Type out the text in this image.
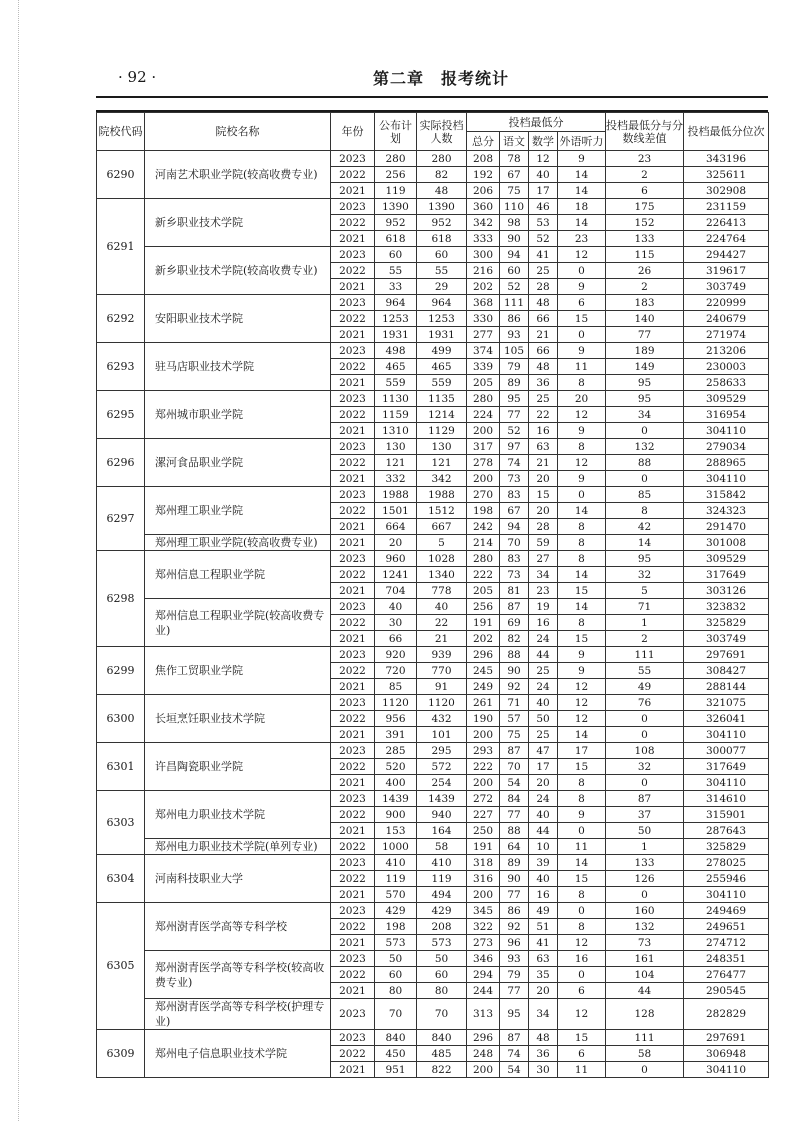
· 92 ·	第二章　报考统计
院校代码	院校名称	年份	公布计划	实际投档人数	投档最低分				投档最低分与分数线差值	投档最低分位次
					总分	语文	数学	外语听力		
6290	河南艺术职业学院(较高收费专业)	2023	280	280	208	78	12	9	23	343196
		2022	256	82	192	67	40	14	2	325611
		2021	119	48	206	75	17	14	6	302908
6291	新乡职业技术学院	2023	1390	1390	360	110	46	18	175	231159
		2022	952	952	342	98	53	14	152	226413
		2021	618	618	333	90	52	23	133	224764
	新乡职业技术学院(较高收费专业)	2023	60	60	300	94	41	12	115	294427
		2022	55	55	216	60	25	0	26	319617
		2021	33	29	202	52	28	9	2	303749
6292	安阳职业技术学院	2023	964	964	368	111	48	6	183	220999
		2022	1253	1253	330	86	66	15	140	240679
		2021	1931	1931	277	93	21	0	77	271974
6293	驻马店职业技术学院	2023	498	499	374	105	66	9	189	213206
		2022	465	465	339	79	48	11	149	230003
		2021	559	559	205	89	36	8	95	258633
6295	郑州城市职业学院	2023	1130	1135	280	95	25	20	95	309529
		2022	1159	1214	224	77	22	12	34	316954
		2021	1310	1129	200	52	16	9	0	304110
6296	漯河食品职业学院	2023	130	130	317	97	63	8	132	279034
		2022	121	121	278	74	21	12	88	288965
		2021	332	342	200	73	20	9	0	304110
6297	郑州理工职业学院	2023	1988	1988	270	83	15	0	85	315842
		2022	1501	1512	198	67	20	14	8	324323
		2021	664	667	242	94	28	8	42	291470
	郑州理工职业学院(较高收费专业)	2021	20	5	214	70	59	8	14	301008
6298	郑州信息工程职业学院	2023	960	1028	280	83	27	8	95	309529
		2022	1241	1340	222	73	34	14	32	317649
		2021	704	778	205	81	23	15	5	303126
	郑州信息工程职业学院(较高收费专业)	2023	40	40	256	87	19	14	71	323832
		2022	30	22	191	69	16	8	1	325829
		2021	66	21	202	82	24	15	2	303749
6299	焦作工贸职业学院	2023	920	939	296	88	44	9	111	297691
		2022	720	770	245	90	25	9	55	308427
		2021	85	91	249	92	24	12	49	288144
6300	长垣烹饪职业技术学院	2023	1120	1120	261	71	40	12	76	321075
		2022	956	432	190	57	50	12	0	326041
		2021	391	101	200	75	25	14	0	304110
6301	许昌陶瓷职业学院	2023	285	295	293	87	47	17	108	300077
		2022	520	572	222	70	17	15	32	317649
		2021	400	254	200	54	20	8	0	304110
6303	郑州电力职业技术学院	2023	1439	1439	272	84	24	8	87	314610
		2022	900	940	227	77	40	9	37	315901
		2021	153	164	250	88	44	0	50	287643
	郑州电力职业技术学院(单列专业)	2022	1000	58	191	64	10	11	1	325829
6304	河南科技职业大学	2023	410	410	318	89	39	14	133	278025
		2022	119	119	316	90	40	15	126	255946
		2021	570	494	200	77	16	8	0	304110
6305	郑州澍青医学高等专科学校	2023	429	429	345	86	49	0	160	249469
		2022	198	208	322	92	51	8	132	249651
		2021	573	573	273	96	41	12	73	274712
	郑州澍青医学高等专科学校(较高收费专业)	2023	50	50	346	93	63	16	161	248351
		2022	60	60	294	79	35	0	104	276477
		2021	80	80	244	77	20	6	44	290545
	郑州澍青医学高等专科学校(护理专业)	2023	70	70	313	95	34	12	128	282829
6309	郑州电子信息职业技术学院	2023	840	840	296	87	48	15	111	297691
		2022	450	485	248	74	36	6	58	306948
		2021	951	822	200	54	30	11	0	304110
